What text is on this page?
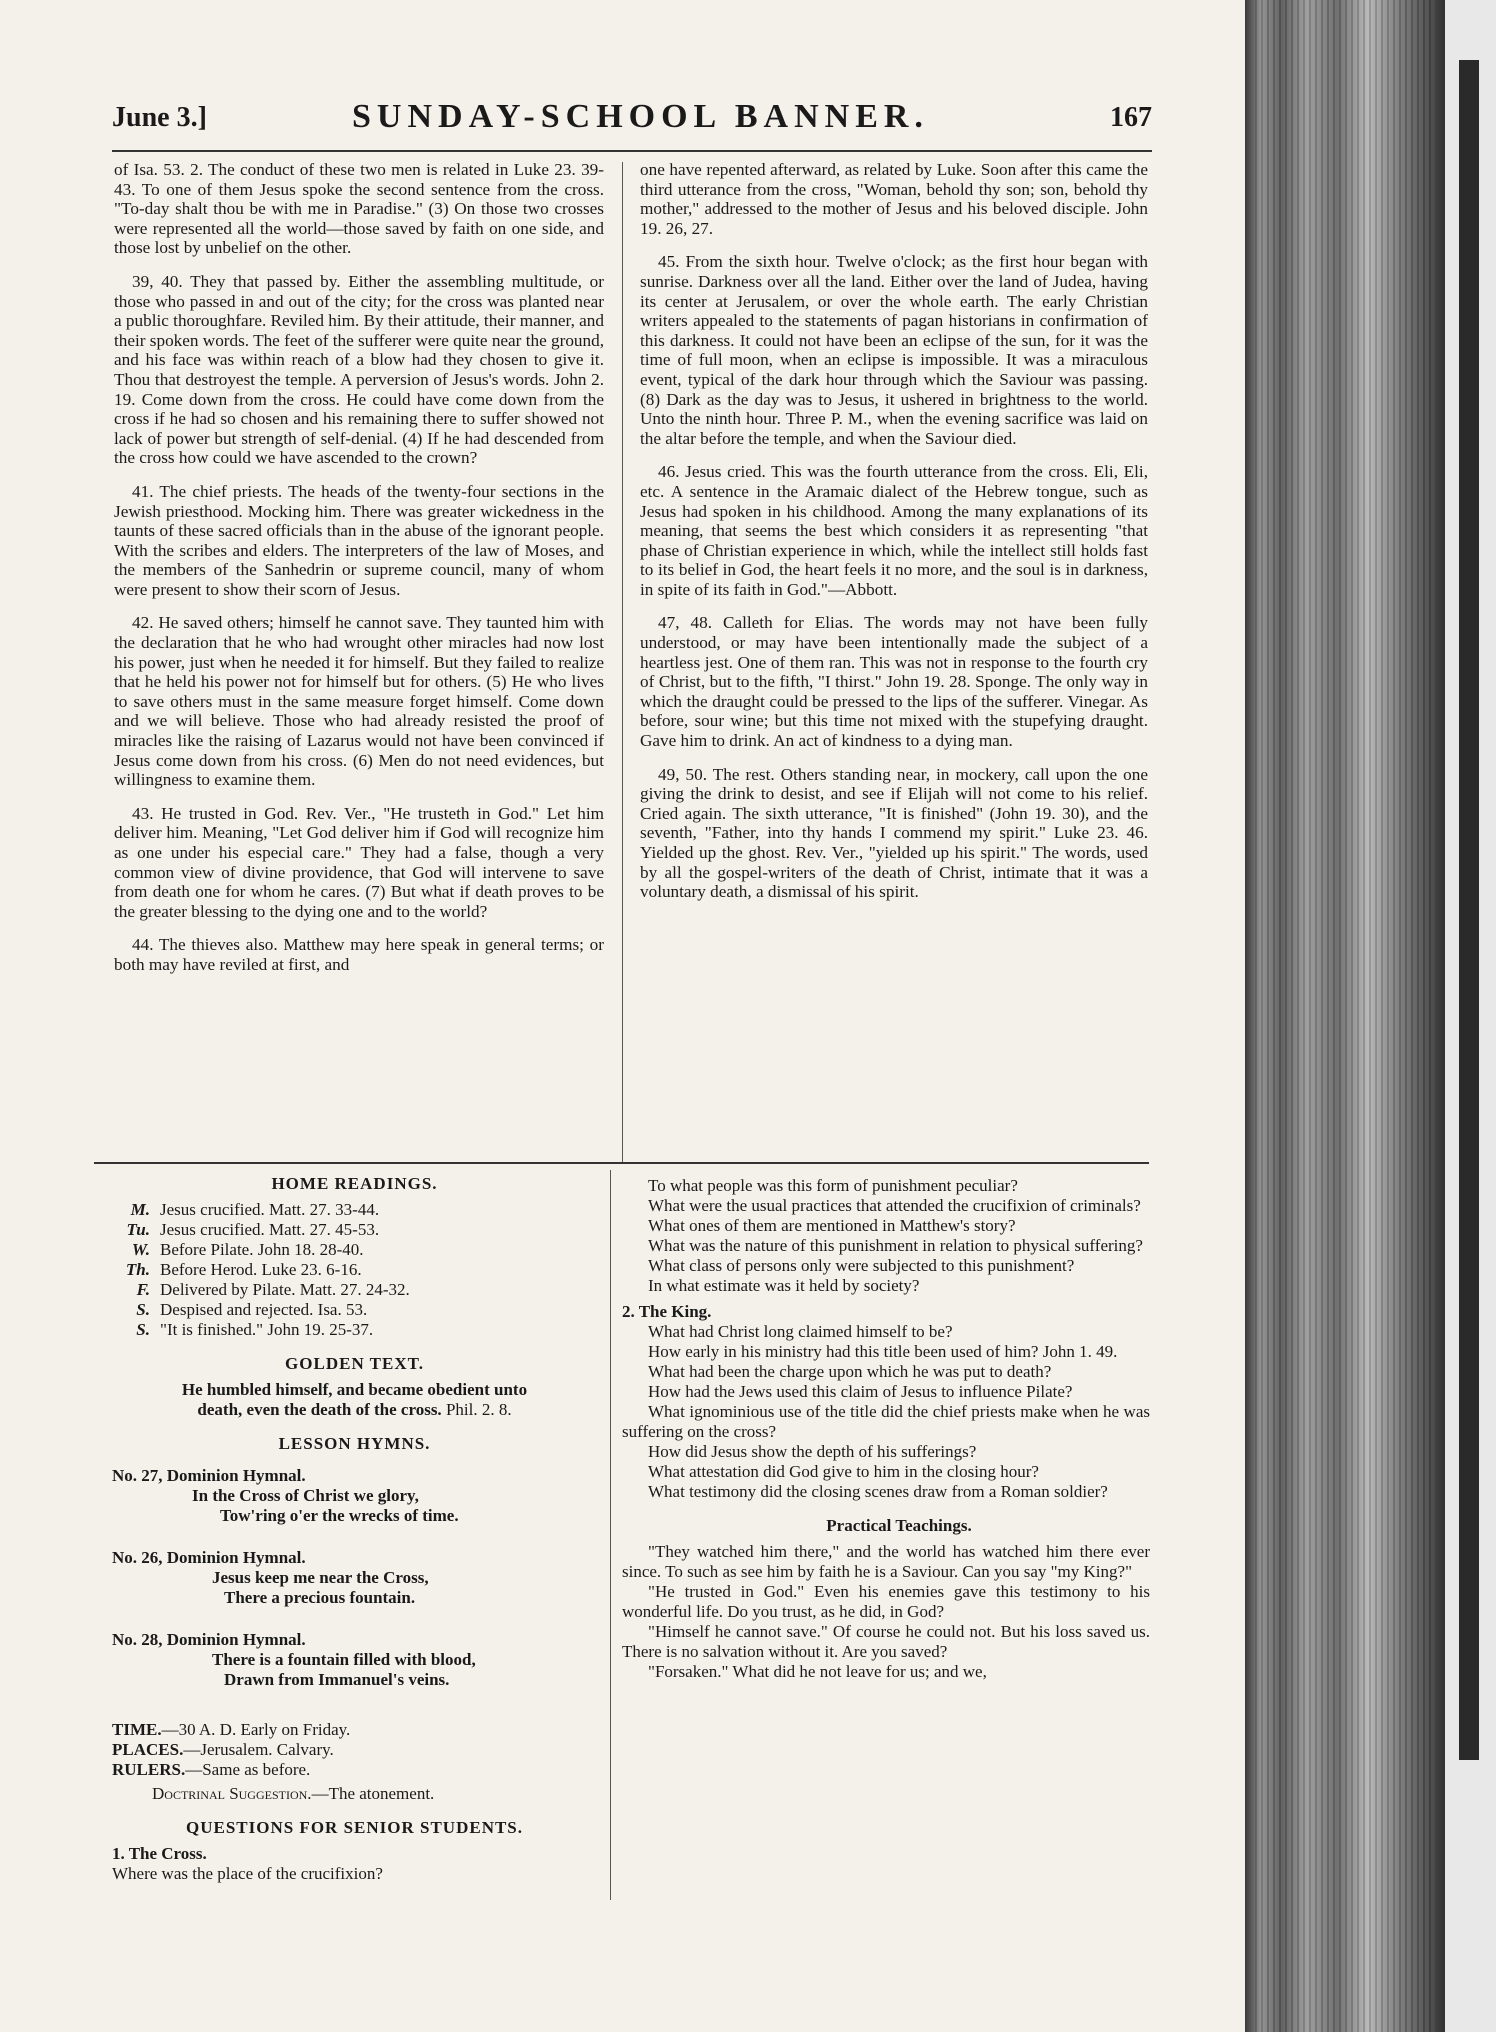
June 3.]	SUNDAY-SCHOOL BANNER.	167

of Isa. 53. 2. The conduct of these two men is related in Luke 23. 39-43. To one of them Jesus spoke the second sentence from the cross. "To-day shalt thou be with me in Paradise." (3) On those two crosses were represented all the world—those saved by faith on one side, and those lost by unbelief on the other.

39, 40. They that passed by. Either the assembling multitude, or those who passed in and out of the city; for the cross was planted near a public thoroughfare. Reviled him. By their attitude, their manner, and their spoken words. The feet of the sufferer were quite near the ground, and his face was within reach of a blow had they chosen to give it. Thou that destroyest the temple. A perversion of Jesus's words. John 2. 19. Come down from the cross. He could have come down from the cross if he had so chosen and his remaining there to suffer showed not lack of power but strength of self-denial. (4) If he had descended from the cross how could we have ascended to the crown?

41. The chief priests. The heads of the twenty-four sections in the Jewish priesthood. Mocking him. There was greater wickedness in the taunts of these sacred officials than in the abuse of the ignorant people. With the scribes and elders. The interpreters of the law of Moses, and the members of the Sanhedrin or supreme council, many of whom were present to show their scorn of Jesus.

42. He saved others; himself he cannot save. They taunted him with the declaration that he who had wrought other miracles had now lost his power, just when he needed it for himself. But they failed to realize that he held his power not for himself but for others. (5) He who lives to save others must in the same measure forget himself. Come down and we will believe. Those who had already resisted the proof of miracles like the raising of Lazarus would not have been convinced if Jesus come down from his cross. (6) Men do not need evidences, but willingness to examine them.

43. He trusted in God. Rev. Ver., "He trusteth in God." Let him deliver him. Meaning, "Let God deliver him if God will recognize him as one under his especial care." They had a false, though a very common view of divine providence, that God will intervene to save from death one for whom he cares. (7) But what if death proves to be the greater blessing to the dying one and to the world?

44. The thieves also. Matthew may here speak in general terms; or both may have reviled at first, and

one have repented afterward, as related by Luke. Soon after this came the third utterance from the cross, "Woman, behold thy son; son, behold thy mother," addressed to the mother of Jesus and his beloved disciple. John 19. 26, 27.

45. From the sixth hour. Twelve o'clock; as the first hour began with sunrise. Darkness over all the land. Either over the land of Judea, having its center at Jerusalem, or over the whole earth. The early Christian writers appealed to the statements of pagan historians in confirmation of this darkness. It could not have been an eclipse of the sun, for it was the time of full moon, when an eclipse is impossible. It was a miraculous event, typical of the dark hour through which the Saviour was passing. (8) Dark as the day was to Jesus, it ushered in brightness to the world. Unto the ninth hour. Three P. M., when the evening sacrifice was laid on the altar before the temple, and when the Saviour died.

46. Jesus cried. This was the fourth utterance from the cross. Eli, Eli, etc. A sentence in the Aramaic dialect of the Hebrew tongue, such as Jesus had spoken in his childhood. Among the many explanations of its meaning, that seems the best which considers it as representing "that phase of Christian experience in which, while the intellect still holds fast to its belief in God, the heart feels it no more, and the soul is in darkness, in spite of its faith in God."—Abbott.

47, 48. Calleth for Elias. The words may not have been fully understood, or may have been intentionally made the subject of a heartless jest. One of them ran. This was not in response to the fourth cry of Christ, but to the fifth, "I thirst." John 19. 28. Sponge. The only way in which the draught could be pressed to the lips of the sufferer. Vinegar. As before, sour wine; but this time not mixed with the stupefying draught. Gave him to drink. An act of kindness to a dying man.

49, 50. The rest. Others standing near, in mockery, call upon the one giving the drink to desist, and see if Elijah will not come to his relief. Cried again. The sixth utterance, "It is finished" (John 19. 30), and the seventh, "Father, into thy hands I commend my spirit." Luke 23. 46. Yielded up the ghost. Rev. Ver., "yielded up his spirit." The words, used by all the gospel-writers of the death of Christ, intimate that it was a voluntary death, a dismissal of his spirit.

HOME READINGS.
M. Jesus crucified. Matt. 27. 33-44.
Tu. Jesus crucified. Matt. 27. 45-53.
W. Before Pilate. John 18. 28-40.
Th. Before Herod. Luke 23. 6-16.
F. Delivered by Pilate. Matt. 27. 24-32.
S. Despised and rejected. Isa. 53.
S. "It is finished." John 19. 25-37.
GOLDEN TEXT.
He humbled himself, and became obedient unto
death, even the death of the cross. Phil. 2. 8.
LESSON HYMNS.
No. 27, Dominion Hymnal.
In the Cross of Christ we glory,
Tow'ring o'er the wrecks of time.
No. 26, Dominion Hymnal.
Jesus keep me near the Cross,
There a precious fountain.
No. 28, Dominion Hymnal.
There is a fountain filled with blood,
Drawn from Immanuel's veins.
TIME.—30 A. D. Early on Friday.
PLACES.—Jerusalem. Calvary.
RULERS.—Same as before.
Doctrinal Suggestion.—The atonement.
QUESTIONS FOR SENIOR STUDENTS.
1. The Cross.
Where was the place of the crucifixion?

To what people was this form of punishment peculiar?

What were the usual practices that attended the crucifixion of criminals?

What ones of them are mentioned in Matthew's story?

What was the nature of this punishment in relation to physical suffering?

What class of persons only were subjected to this punishment?

In what estimate was it held by society?

2. The King.

What had Christ long claimed himself to be?

How early in his ministry had this title been used of him? John 1. 49.

What had been the charge upon which he was put to death?

How had the Jews used this claim of Jesus to influence Pilate?

What ignominious use of the title did the chief priests make when he was suffering on the cross?

How did Jesus show the depth of his sufferings?

What attestation did God give to him in the closing hour?

What testimony did the closing scenes draw from a Roman soldier?

Practical Teachings.

"They watched him there," and the world has watched him there ever since. To such as see him by faith he is a Saviour. Can you say "my King?"

"He trusted in God." Even his enemies gave this testimony to his wonderful life. Do you trust, as he did, in God?

"Himself he cannot save." Of course he could not. But his loss saved us. There is no salvation without it. Are you saved?

"Forsaken." What did he not leave for us; and we,
